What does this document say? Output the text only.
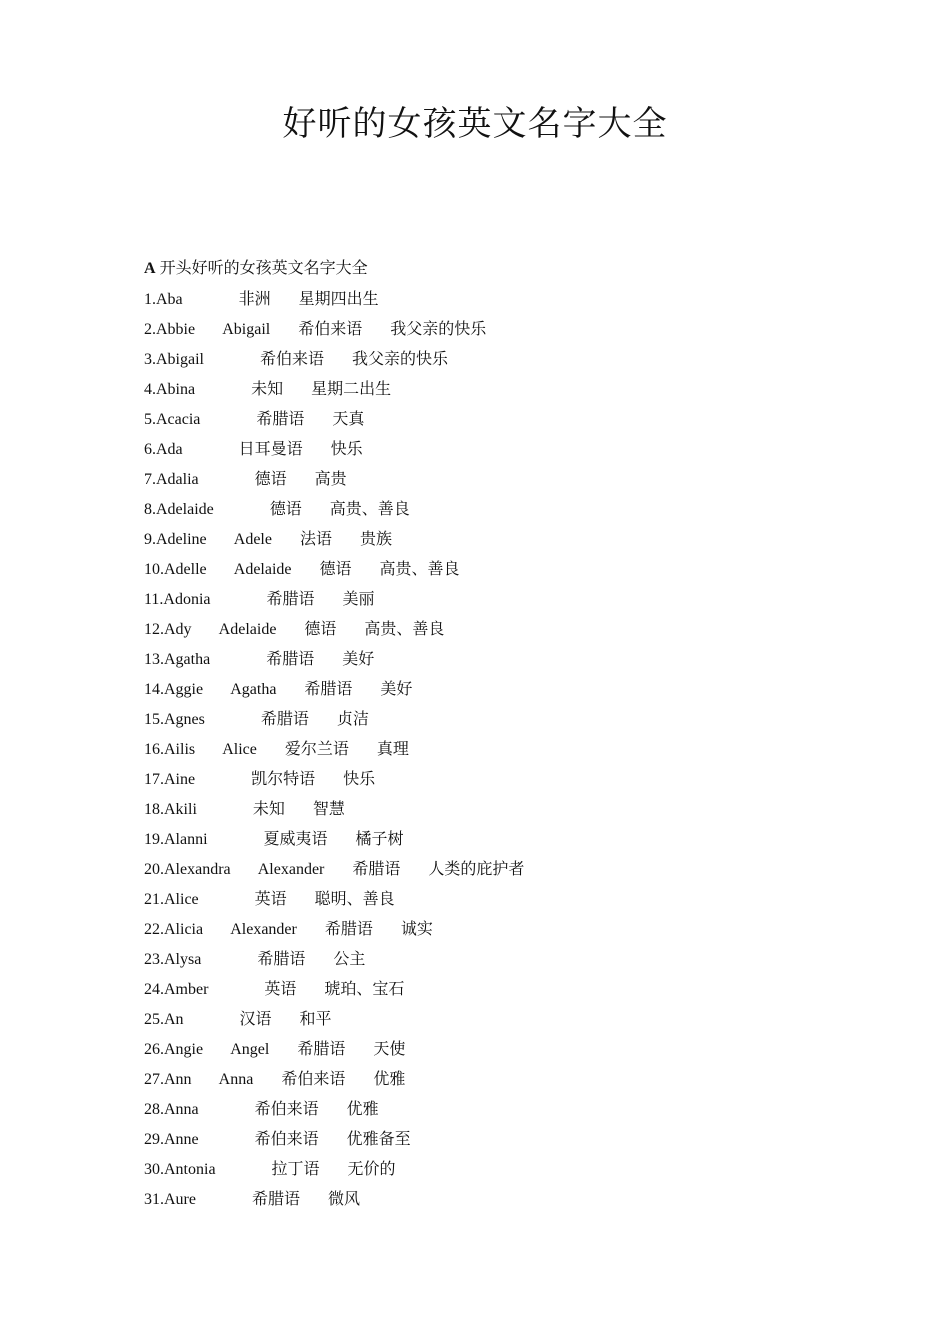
好听的女孩英文名字大全
A 开头好听的女孩英文名字大全
1.Aba              非洲       星期四出生
2.Abbie       Abigail       希伯来语       我父亲的快乐
3.Abigail              希伯来语       我父亲的快乐
4.Abina              未知       星期二出生
5.Acacia              希腊语       天真
6.Ada              日耳曼语       快乐
7.Adalia              德语       高贵
8.Adelaide              德语       高贵、善良
9.Adeline       Adele       法语       贵族
10.Adelle       Adelaide       德语       高贵、善良
11.Adonia              希腊语       美丽
12.Ady       Adelaide       德语       高贵、善良
13.Agatha              希腊语       美好
14.Aggie       Agatha       希腊语       美好
15.Agnes              希腊语       贞洁
16.Ailis       Alice       爱尔兰语       真理
17.Aine              凯尔特语       快乐
18.Akili              未知       智慧
19.Alanni              夏威夷语       橘子树
20.Alexandra       Alexander       希腊语       人类的庇护者
21.Alice              英语       聪明、善良
22.Alicia       Alexander       希腊语       诚实
23.Alysa              希腊语       公主
24.Amber              英语       琥珀、宝石
25.An              汉语       和平
26.Angie       Angel       希腊语       天使
27.Ann       Anna       希伯来语       优雅
28.Anna              希伯来语       优雅
29.Anne              希伯来语       优雅备至
30.Antonia              拉丁语       无价的
31.Aure              希腊语       微风
